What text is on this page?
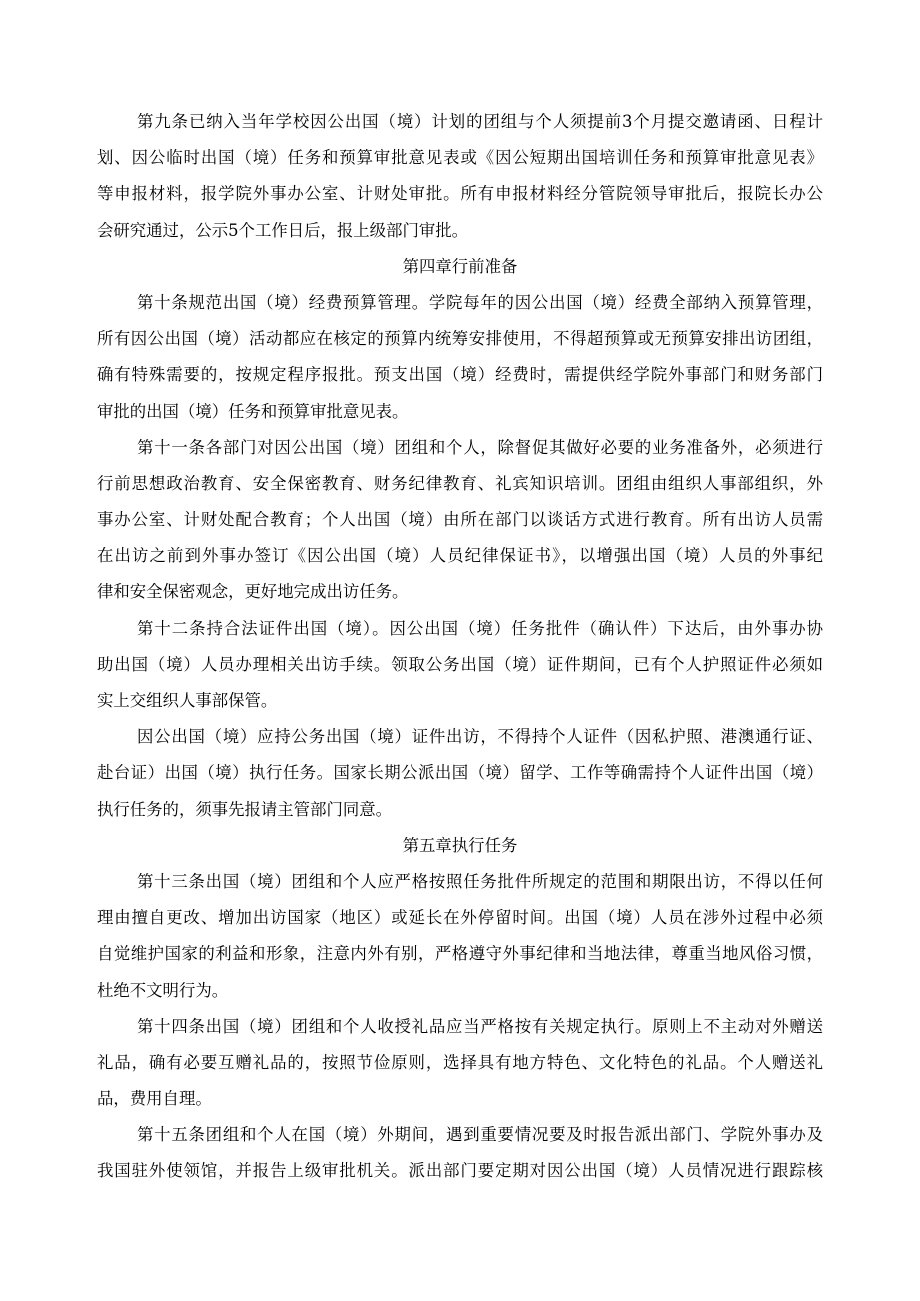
第九条已纳入当年学校因公出国（境）计划的团组与个人须提前3个月提交邀请函、日程计
划、因公临时出国（境）任务和预算审批意见表或《因公短期出国培训任务和预算审批意见表》
等申报材料，报学院外事办公室、计财处审批。所有申报材料经分管院领导审批后，报院长办公
会研究通过，公示5个工作日后，报上级部门审批。
第四章行前准备
第十条规范出国（境）经费预算管理。学院每年的因公出国（境）经费全部纳入预算管理，
所有因公出国（境）活动都应在核定的预算内统筹安排使用，不得超预算或无预算安排出访团组，
确有特殊需要的，按规定程序报批。预支出国（境）经费时，需提供经学院外事部门和财务部门
审批的出国（境）任务和预算审批意见表。
第十一条各部门对因公出国（境）团组和个人，除督促其做好必要的业务准备外，必须进行
行前思想政治教育、安全保密教育、财务纪律教育、礼宾知识培训。团组由组织人事部组织，外
事办公室、计财处配合教育；个人出国（境）由所在部门以谈话方式进行教育。所有出访人员需
在出访之前到外事办签订《因公出国（境）人员纪律保证书》，以增强出国（境）人员的外事纪
律和安全保密观念，更好地完成出访任务。
第十二条持合法证件出国（境）。因公出国（境）任务批件（确认件）下达后，由外事办协
助出国（境）人员办理相关出访手续。领取公务出国（境）证件期间，已有个人护照证件必须如
实上交组织人事部保管。
因公出国（境）应持公务出国（境）证件出访，不得持个人证件（因私护照、港澳通行证、
赴台证）出国（境）执行任务。国家长期公派出国（境）留学、工作等确需持个人证件出国（境）
执行任务的，须事先报请主管部门同意。
第五章执行任务
第十三条出国（境）团组和个人应严格按照任务批件所规定的范围和期限出访，不得以任何
理由擅自更改、增加出访国家（地区）或延长在外停留时间。出国（境）人员在涉外过程中必须
自觉维护国家的利益和形象，注意内外有别，严格遵守外事纪律和当地法律，尊重当地风俗习惯，
杜绝不文明行为。
第十四条出国（境）团组和个人收授礼品应当严格按有关规定执行。原则上不主动对外赠送
礼品，确有必要互赠礼品的，按照节俭原则，选择具有地方特色、文化特色的礼品。个人赠送礼
品，费用自理。
第十五条团组和个人在国（境）外期间，遇到重要情况要及时报告派出部门、学院外事办及
我国驻外使领馆，并报告上级审批机关。派出部门要定期对因公出国（境）人员情况进行跟踪核
